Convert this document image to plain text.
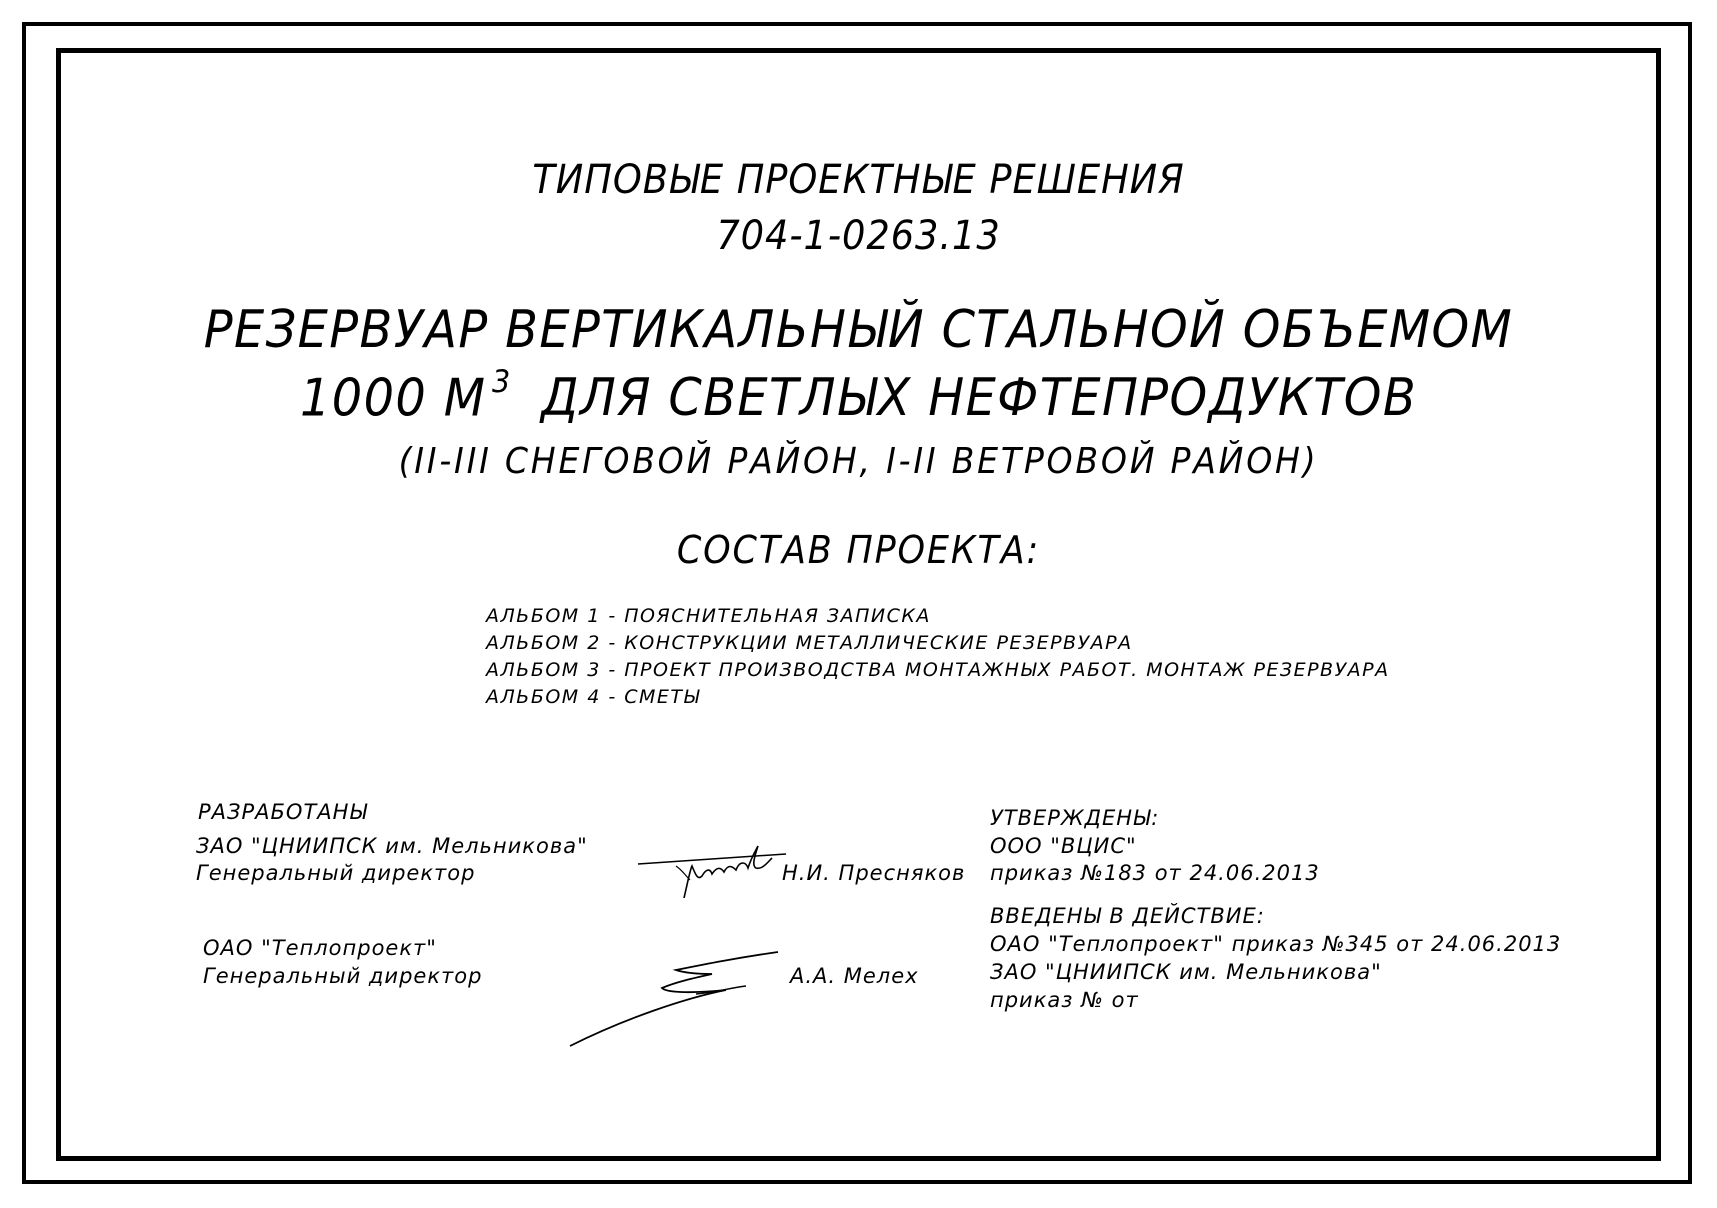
ТИПОВЫЕ ПРОЕКТНЫЕ РЕШЕНИЯ
704-1-0263.13
РЕЗЕРВУАР ВЕРТИКАЛЬНЫЙ СТАЛЬНОЙ ОБЪЕМОМ
1000 М $^3$ ДЛЯ СВЕТЛЫХ НЕФТЕПРОДУКТОВ
(II-III СНЕГОВОЙ РАЙОН, I-II ВЕТРОВОЙ РАЙОН)
СОСТАВ ПРОЕКТА:
АЛЬБОМ 1 - ПОЯСНИТЕЛЬНАЯ ЗАПИСКА
АЛЬБОМ 2 - КОНСТРУКЦИИ МЕТАЛЛИЧЕСКИЕ РЕЗЕРВУАРА
АЛЬБОМ 3 - ПРОЕКТ ПРОИЗВОДСТВА МОНТАЖНЫХ РАБОТ. МОНТАЖ РЕЗЕРВУАРА
АЛЬБОМ 4 - СМЕТЫ
РАЗРАБОТАНЫ
ЗАО "ЦНИИПСК им. Мельникова"
Генеральный директор	Н.И. Пресняков
ОАО "Теплопроект"
Генеральный директор	А.А. Мелех
УТВЕРЖДЕНЫ:
ООО "ВЦИС"
приказ №183 от 24.06.2013
ВВЕДЕНЫ В ДЕЙСТВИЕ:
ОАО "Теплопроект" приказ №345 от 24.06.2013
ЗАО "ЦНИИПСК им. Мельникова"
приказ № от
